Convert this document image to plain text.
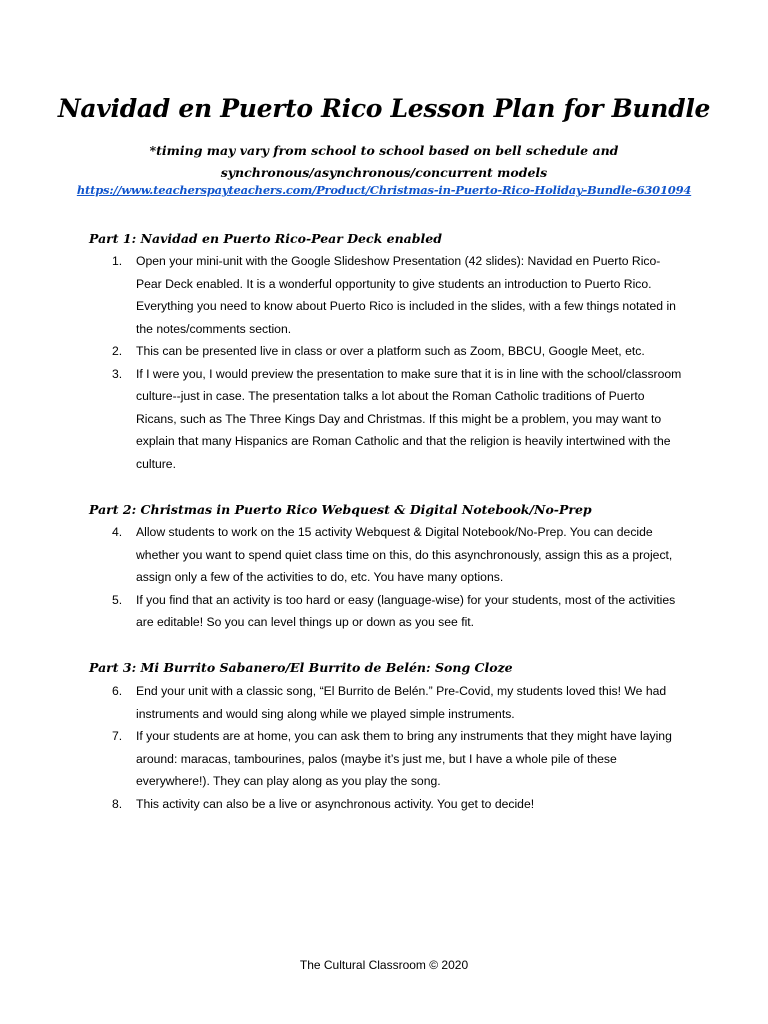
Navidad en Puerto Rico Lesson Plan for Bundle

*timing may vary from school to school based on bell schedule and
synchronous/asynchronous/concurrent models

https://www.teacherspayteachers.com/Product/Christmas-in-Puerto-Rico-Holiday-Bundle-6301094
Part 1: Navidad en Puerto Rico-Pear Deck enabled
1. Open your mini-unit with the Google Slideshow Presentation (42 slides): Navidad en Puerto Rico-Pear Deck enabled. It is a wonderful opportunity to give students an introduction to Puerto Rico. Everything you need to know about Puerto Rico is included in the slides, with a few things notated in the notes/comments section.
2. This can be presented live in class or over a platform such as Zoom, BBCU, Google Meet, etc.
3. If I were you, I would preview the presentation to make sure that it is in line with the school/classroom culture--just in case. The presentation talks a lot about the Roman Catholic traditions of Puerto Ricans, such as The Three Kings Day and Christmas. If this might be a problem, you may want to explain that many Hispanics are Roman Catholic and that the religion is heavily intertwined with the culture.
Part 2: Christmas in Puerto Rico Webquest & Digital Notebook/No-Prep
4. Allow students to work on the 15 activity Webquest & Digital Notebook/No-Prep. You can decide whether you want to spend quiet class time on this, do this asynchronously, assign this as a project, assign only a few of the activities to do, etc. You have many options.
5. If you find that an activity is too hard or easy (language-wise) for your students, most of the activities are editable! So you can level things up or down as you see fit.
Part 3: Mi Burrito Sabanero/El Burrito de Belén: Song Cloze
6. End your unit with a classic song, “El Burrito de Belén.” Pre-Covid, my students loved this! We had instruments and would sing along while we played simple instruments.
7. If your students are at home, you can ask them to bring any instruments that they might have laying around: maracas, tambourines, palos (maybe it’s just me, but I have a whole pile of these everywhere!). They can play along as you play the song.
8. This activity can also be a live or asynchronous activity. You get to decide!
The Cultural Classroom © 2020
